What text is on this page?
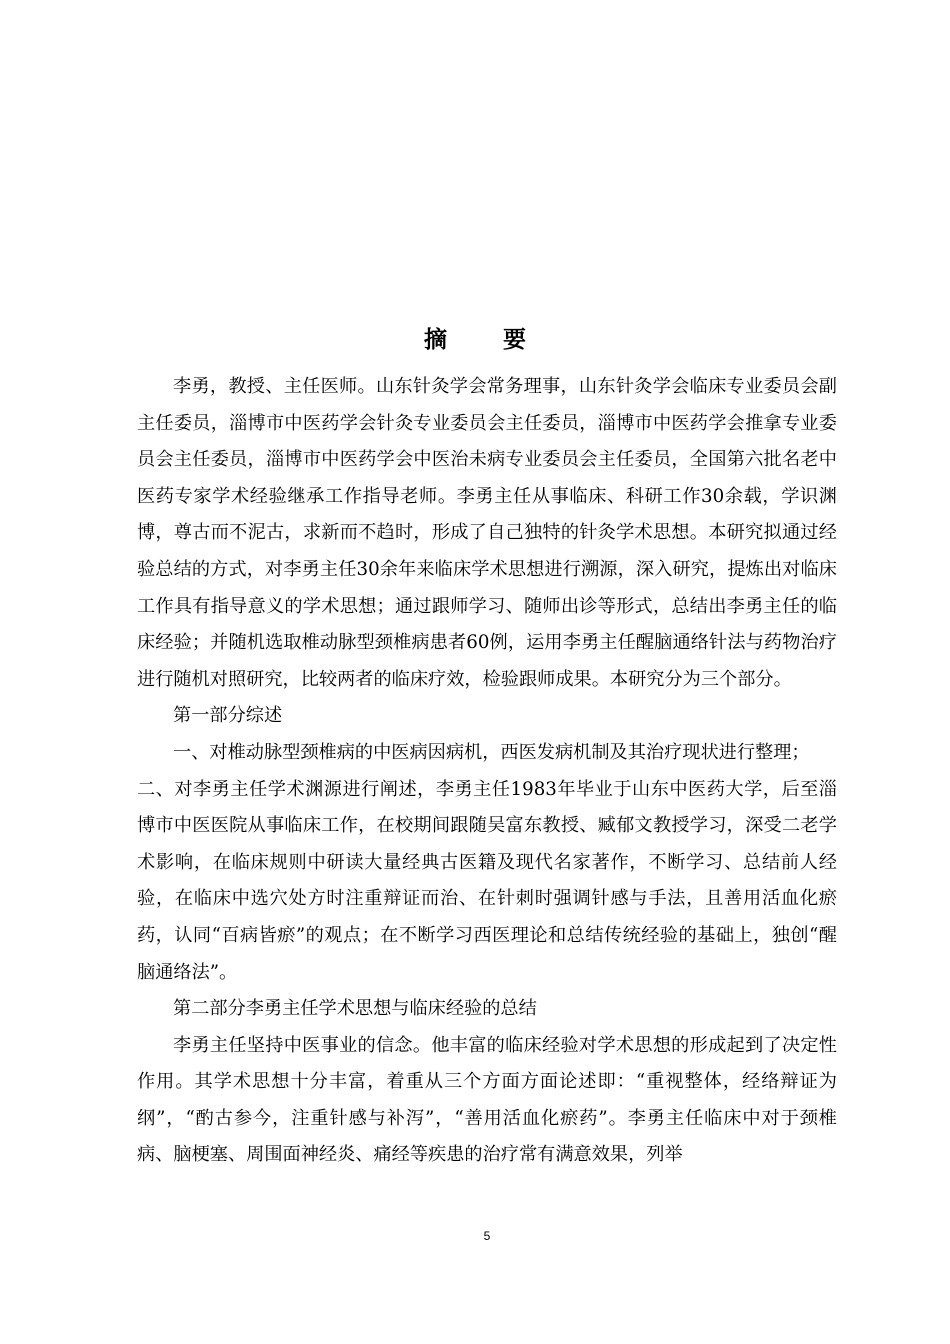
摘 要

李勇，教授、主任医师。山东针灸学会常务理事，山东针灸学会临床专业委员会副主任委员，淄博市中医药学会针灸专业委员会主任委员，淄博市中医药学会推拿专业委员会主任委员，淄博市中医药学会中医治未病专业委员会主任委员，全国第六批名老中医药专家学术经验继承工作指导老师。李勇主任从事临床、科研工作30余载，学识渊博，尊古而不泥古，求新而不趋时，形成了自己独特的针灸学术思想。本研究拟通过经验总结的方式，对李勇主任30余年来临床学术思想进行溯源，深入研究，提炼出对临床工作具有指导意义的学术思想；通过跟师学习、随师出诊等形式，总结出李勇主任的临床经验；并随机选取椎动脉型颈椎病患者60例，运用李勇主任醒脑通络针法与药物治疗进行随机对照研究，比较两者的临床疗效，检验跟师成果。本研究分为三个部分。

第一部分综述

一、对椎动脉型颈椎病的中医病因病机，西医发病机制及其治疗现状进行整理；

二、对李勇主任学术渊源进行阐述，李勇主任1983年毕业于山东中医药大学，后至淄博市中医医院从事临床工作，在校期间跟随吴富东教授、臧郁文教授学习，深受二老学术影响，在临床规则中研读大量经典古医籍及现代名家著作，不断学习、总结前人经验，在临床中选穴处方时注重辩证而治、在针刺时强调针感与手法，且善用活血化瘀药，认同“百病皆瘀”的观点；在不断学习西医理论和总结传统经验的基础上，独创“醒脑通络法”。

第二部分李勇主任学术思想与临床经验的总结

李勇主任坚持中医事业的信念。他丰富的临床经验对学术思想的形成起到了决定性作用。其学术思想十分丰富，着重从三个方面方面论述即：“重视整体，经络辩证为纲”，“酌古参今，注重针感与补泻”，“善用活血化瘀药”。李勇主任临床中对于颈椎病、脑梗塞、周围面神经炎、痛经等疾患的治疗常有满意效果，列举

5
